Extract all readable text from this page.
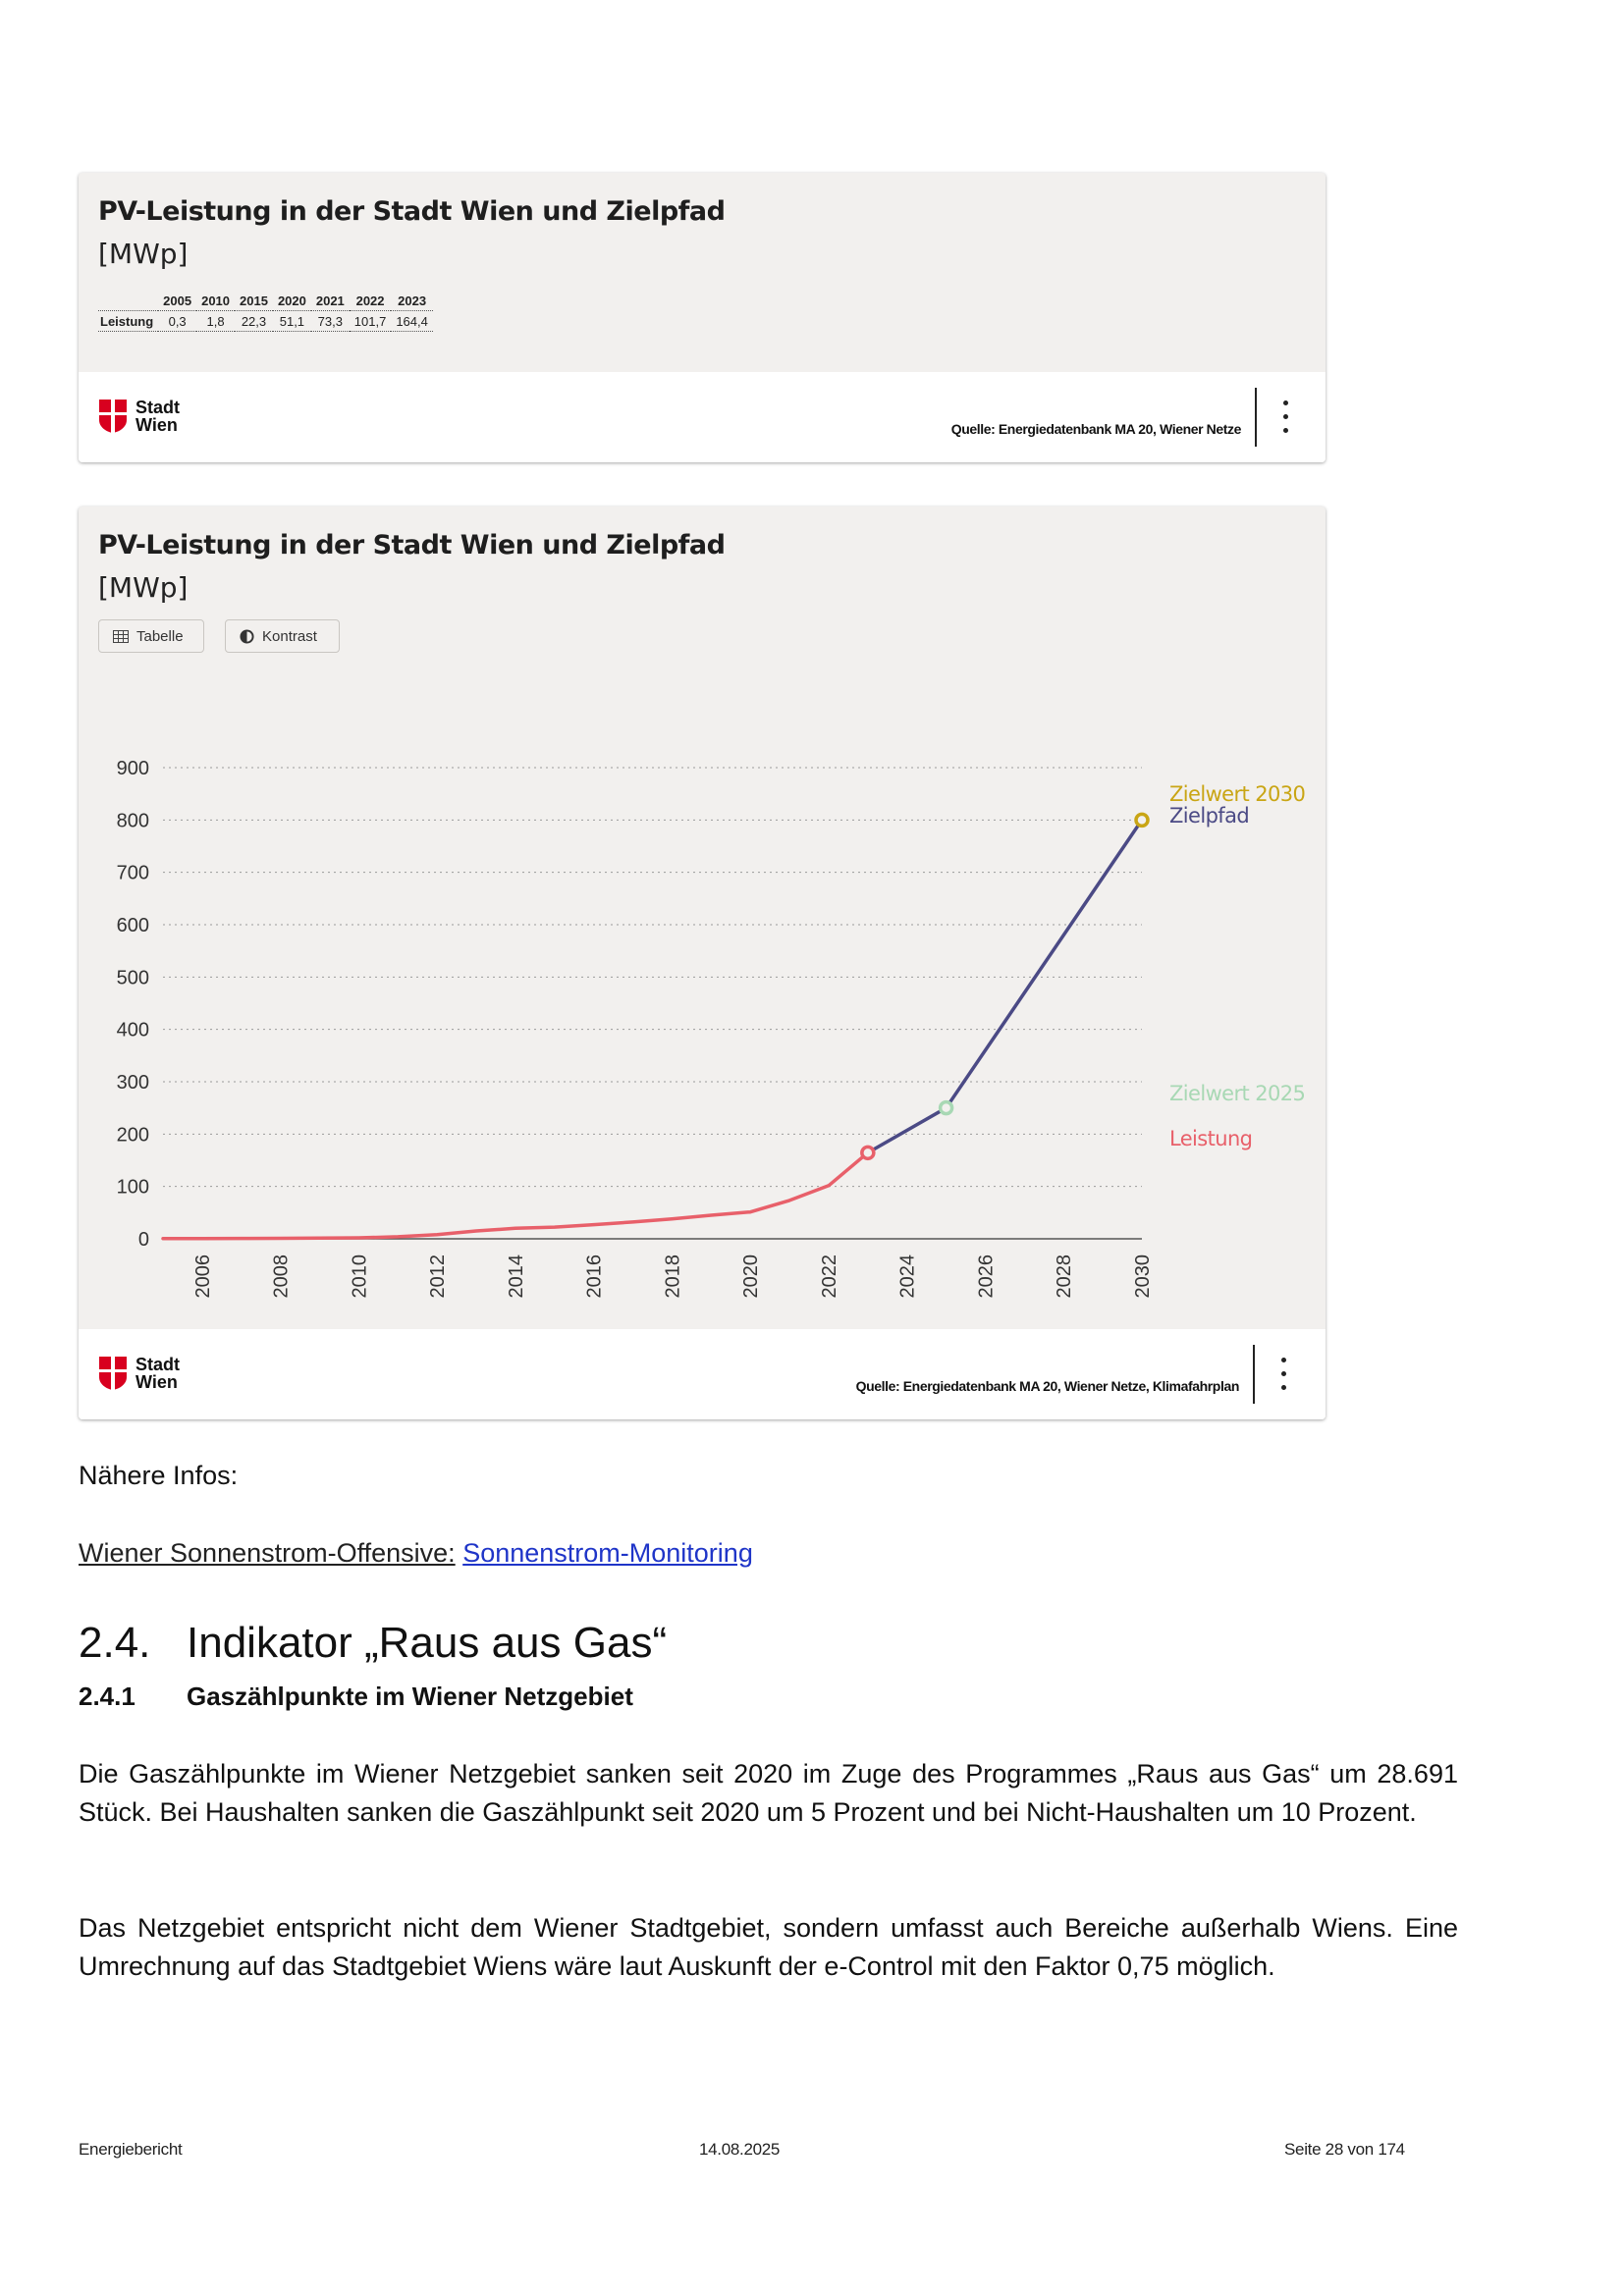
PV-Leistung in der Stadt Wien und Zielpfad
[MWp]
	2005	2010	2015	2020	2021	2022	2023
Leistung	0,3	1,8	22,3	51,1	73,3	101,7	164,4
Stadt
Wien	Quelle: Energiedatenbank MA 20, Wiener Netze
PV-Leistung in der Stadt Wien und Zielpfad
[MWp]
Tabelle	Kontrast
0
100
200
300
400
500
600
700
800
900
2006	2008	2010	2012	2014	2016	2018	2020	2022	2024	2026	2028	2030
Zielwert 2030
Zielpfad
Zielwert 2025
Leistung
Stadt
Wien	Quelle: Energiedatenbank MA 20, Wiener Netze, Klimafahrplan
Nähere Infos:
Wiener Sonnenstrom-Offensive: Sonnenstrom-Monitoring
2.4. Indikator „Raus aus Gas“
2.4.1 Gaszählpunkte im Wiener Netzgebiet

Die Gaszählpunkte im Wiener Netzgebiet sanken seit 2020 im Zuge des Programmes „Raus aus Gas“ um 28.691 Stück. Bei Haushalten sanken die Gaszählpunkt seit 2020 um 5 Prozent und bei Nicht-Haushalten um 10 Prozent.

Das Netzgebiet entspricht nicht dem Wiener Stadtgebiet, sondern umfasst auch Bereiche außerhalb Wiens. Eine Umrechnung auf das Stadtgebiet Wiens wäre laut Auskunft der e-Control mit den Faktor 0,75 möglich.

Energiebericht	14.08.2025	Seite 28 von 174
